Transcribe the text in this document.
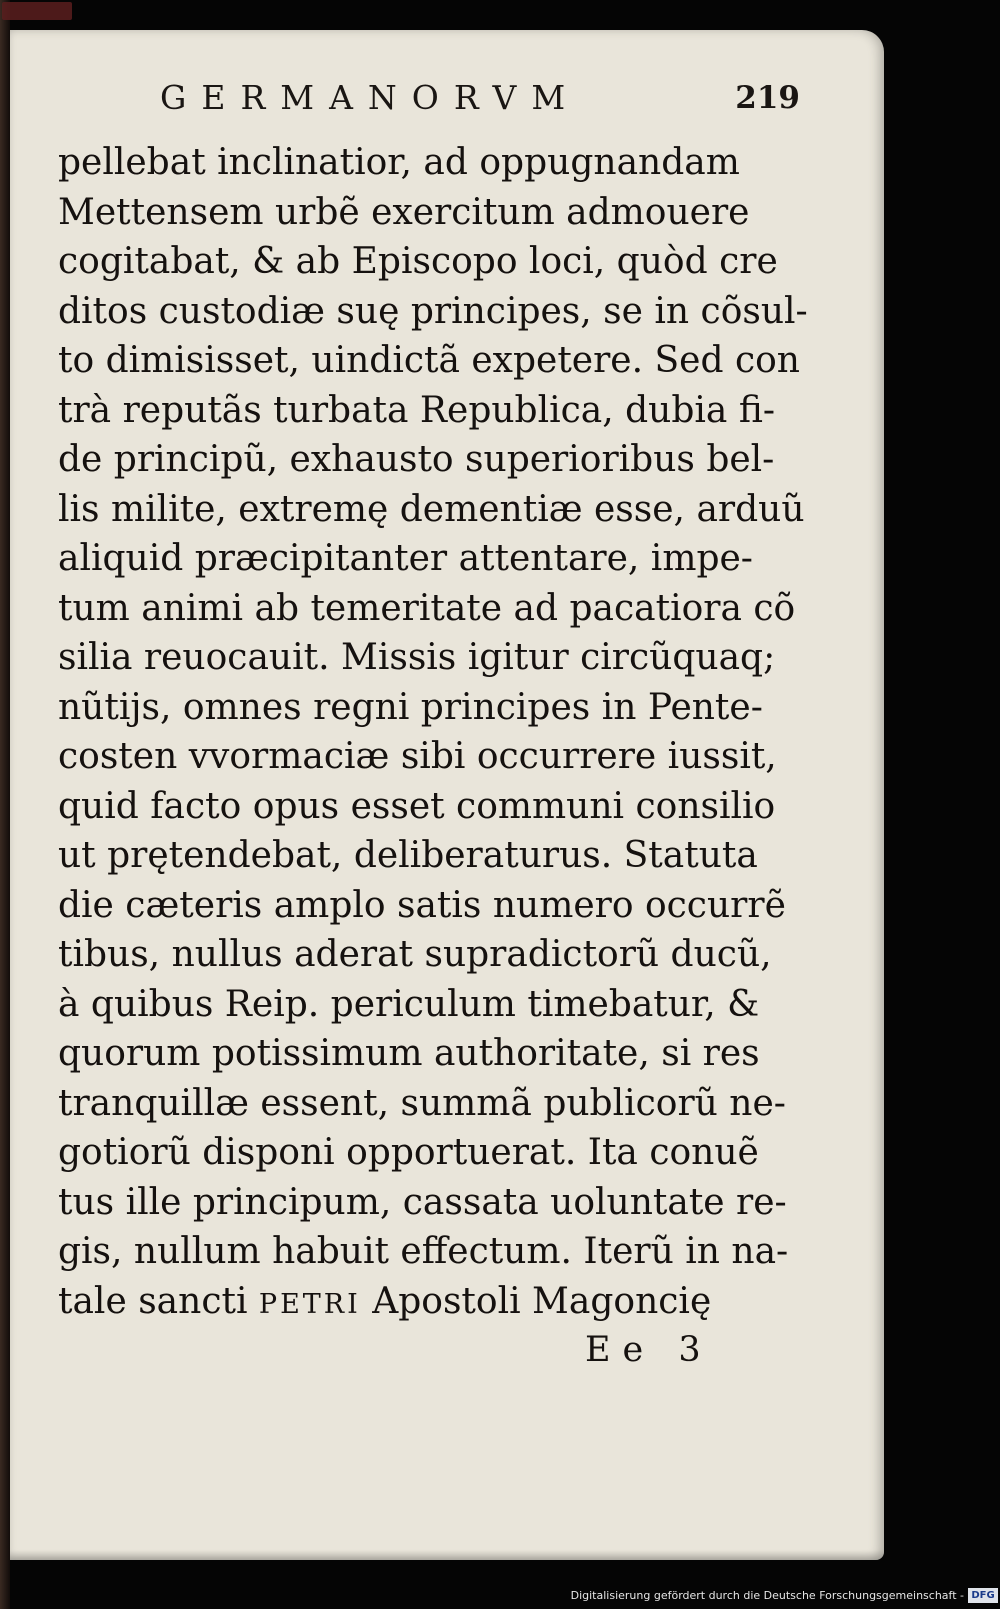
GERMANORVM	219
pellebat inclinatior, ad oppugnandam
Mettensem urbẽ exercitum admouere
cogitabat, & ab Episcopo loci, quòd cre
ditos custodiæ suę principes, se in cõsul-
to dimisisset, uindictã expetere. Sed con
trà reputãs turbata Republica, dubia fi-
de principũ, exhausto superioribus bel-
lis milite, extremę dementiæ esse, arduũ
aliquid præcipitanter attentare, impe-
tum animi ab temeritate ad pacatiora cõ
silia reuocauit. Missis igitur circũquaq;
nũtijs, omnes regni principes in Pente-
costen vvormaciæ sibi occurrere iussit,
quid facto opus esset communi consilio
ut prętendebat, deliberaturus. Statuta
die cæteris amplo satis numero occurrẽ
tibus, nullus aderat supradictorũ ducũ,
à quibus Reip. periculum timebatur, &
quorum potissimum authoritate, si res
tranquillæ essent, summã publicorũ ne-
gotiorũ disponi opportuerat. Ita conuẽ
tus ille principum, cassata uoluntate re-
gis, nullum habuit effectum. Iterũ in na-
tale sancti PETRI Apostoli Magoncię
Ee 3
Digitalisierung gefördert durch die Deutsche Forschungsgemeinschaft - DFG
